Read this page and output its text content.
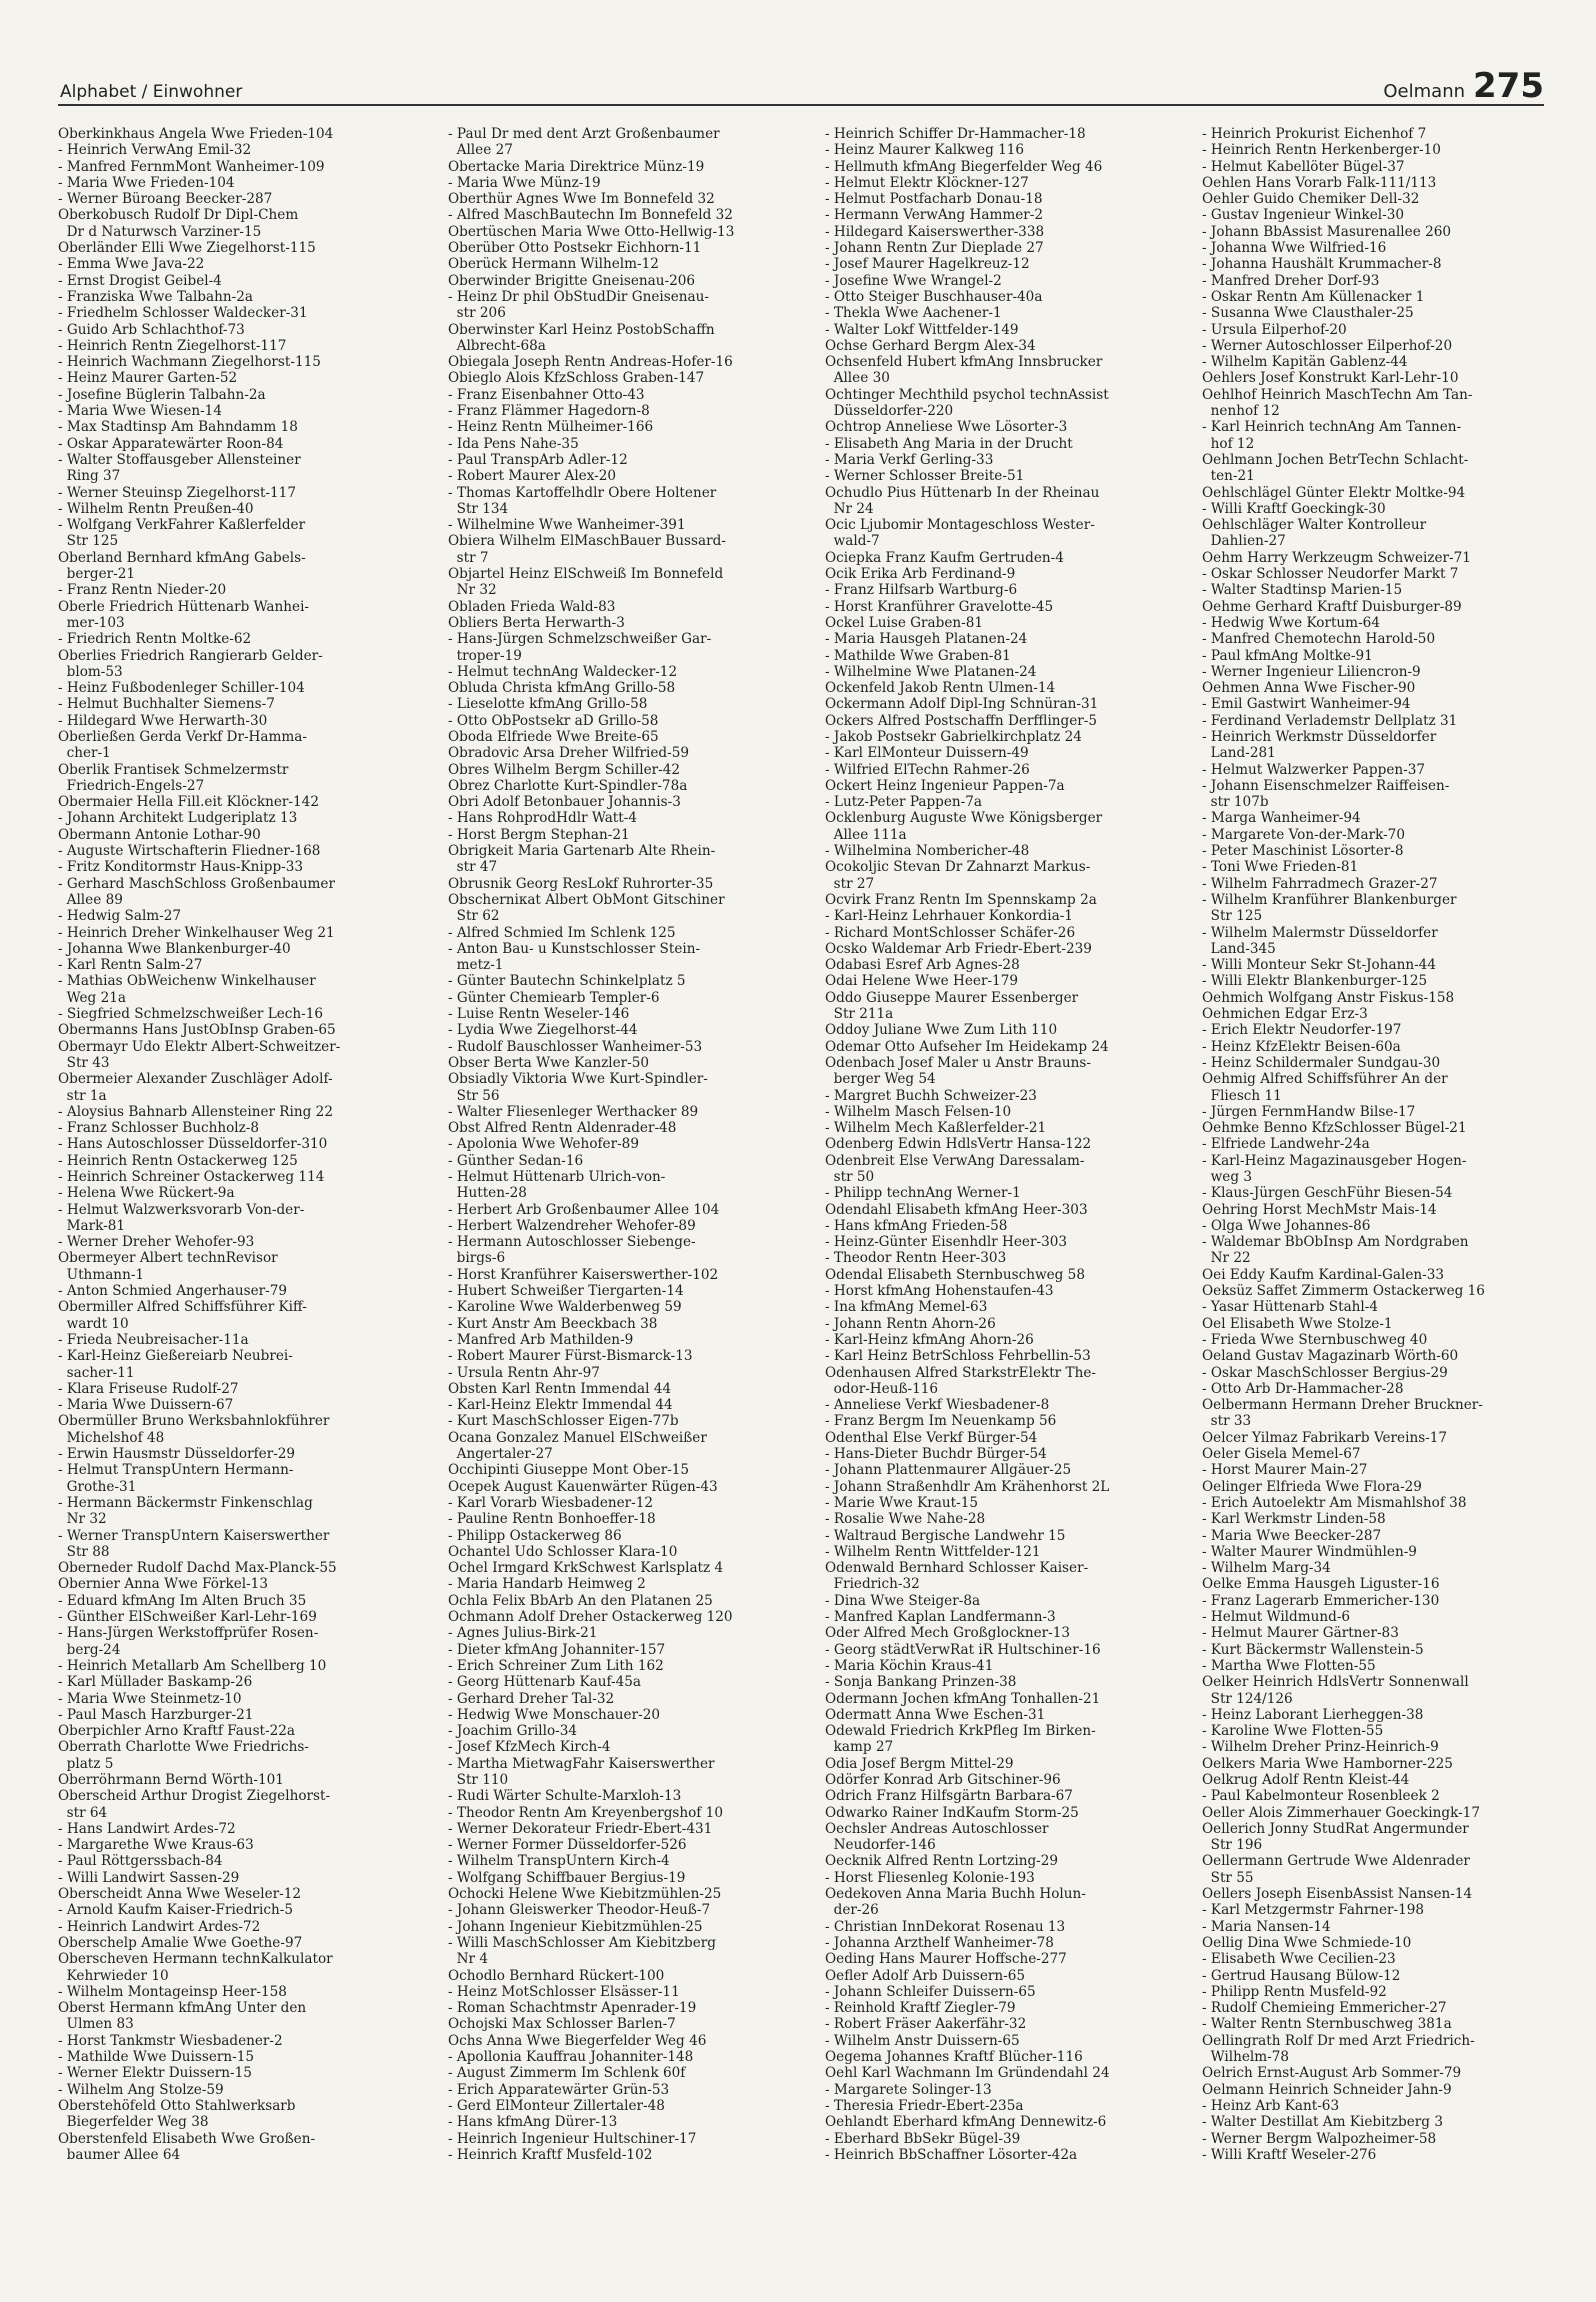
Alphabet / Einwohner	Oelmann 275
Oberkinkhaus Angela Wwe Frieden-104
- Heinrich VerwAng Emil-32
- Manfred FernmMont Wanheimer-109
- Maria Wwe Frieden-104
- Werner Büroang Beecker-287
Oberkobusch Rudolf Dr Dipl-Chem
Dr d Naturwsch Varziner-15
Oberländer Elli Wwe Ziegelhorst-115
- Emma Wwe Java-22
- Ernst Drogist Geibel-4
- Franziska Wwe Talbahn-2a
- Friedhelm Schlosser Waldecker-31
- Guido Arb Schlachthof-73
- Heinrich Rentn Ziegelhorst-117
- Heinrich Wachmann Ziegelhorst-115
- Heinz Maurer Garten-52
- Josefine Büglerin Talbahn-2a
- Maria Wwe Wiesen-14
- Max Stadtinsp Am Bahndamm 18
- Oskar Apparatewärter Roon-84
- Walter Stoffausgeber Allensteiner
Ring 37
- Werner Steuinsp Ziegelhorst-117
- Wilhelm Rentn Preußen-40
- Wolfgang VerkFahrer Kaßlerfelder
Str 125
Oberland Bernhard kfmAng Gabels-
berger-21
- Franz Rentn Nieder-20
Oberle Friedrich Hüttenarb Wanhei-
mer-103
- Friedrich Rentn Moltke-62
Oberlies Friedrich Rangierarb Gelder-
blom-53
- Heinz Fußbodenleger Schiller-104
- Helmut Buchhalter Siemens-7
- Hildegard Wwe Herwarth-30
Oberließen Gerda Verkf Dr-Hamma-
cher-1
Oberlik Frantisek Schmelzermstr
Friedrich-Engels-27
Obermaier Hella Fill.eit Klöckner-142
- Johann Architekt Ludgeriplatz 13
Obermann Antonie Lothar-90
- Auguste Wirtschafterin Fliedner-168
- Fritz Konditormstr Haus-Knipp-33
- Gerhard MaschSchloss Großenbaumer
Allee 89
- Hedwig Salm-27
- Heinrich Dreher Winkelhauser Weg 21
- Johanna Wwe Blankenburger-40
- Karl Rentn Salm-27
- Mathias ObWeichenw Winkelhauser
Weg 21a
- Siegfried Schmelzschweißer Lech-16
Obermanns Hans JustObInsp Graben-65
Obermayr Udo Elektr Albert-Schweitzer-
Str 43
Obermeier Alexander Zuschläger Adolf-
str 1a
- Aloysius Bahnarb Allensteiner Ring 22
- Franz Schlosser Buchholz-8
- Hans Autoschlosser Düsseldorfer-310
- Heinrich Rentn Ostackerweg 125
- Heinrich Schreiner Ostackerweg 114
- Helena Wwe Rückert-9a
- Helmut Walzwerksvorarb Von-der-
Mark-81
- Werner Dreher Wehofer-93
Obermeyer Albert technRevisor
Uthmann-1
- Anton Schmied Angerhauser-79
Obermiller Alfred Schiffsführer Kiff-
wardt 10
- Frieda Neubreisacher-11a
- Karl-Heinz Gießereiarb Neubrei-
sacher-11
- Klara Friseuse Rudolf-27
- Maria Wwe Duissern-67
Obermüller Bruno Werksbahnlokführer
Michelshof 48
- Erwin Hausmstr Düsseldorfer-29
- Helmut TranspUntern Hermann-
Grothe-31
- Hermann Bäckermstr Finkenschlag
Nr 32
- Werner TranspUntern Kaiserswerther
Str 88
Oberneder Rudolf Dachd Max-Planck-55
Obernier Anna Wwe Förkel-13
- Eduard kfmAng Im Alten Bruch 35
- Günther ElSchweißer Karl-Lehr-169
- Hans-Jürgen Werkstoffprüfer Rosen-
berg-24
- Heinrich Metallarb Am Schellberg 10
- Karl Müllader Baskamp-26
- Maria Wwe Steinmetz-10
- Paul Masch Harzburger-21
Oberpichler Arno Kraftf Faust-22a
Oberrath Charlotte Wwe Friedrichs-
platz 5
Oberröhrmann Bernd Wörth-101
Oberscheid Arthur Drogist Ziegelhorst-
str 64
- Hans Landwirt Ardes-72
- Margarethe Wwe Kraus-63
- Paul Röttgerssbach-84
- Willi Landwirt Sassen-29
Oberscheidt Anna Wwe Weseler-12
- Arnold Kaufm Kaiser-Friedrich-5
- Heinrich Landwirt Ardes-72
Oberschelp Amalie Wwe Goethe-97
Oberscheven Hermann technKalkulator
Kehrwieder 10
- Wilhelm Montageinsp Heer-158
Oberst Hermann kfmAng Unter den
Ulmen 83
- Horst Tankmstr Wiesbadener-2
- Mathilde Wwe Duissern-15
- Werner Elektr Duissern-15
- Wilhelm Ang Stolze-59
Oberstehöfeld Otto Stahlwerksarb
Biegerfelder Weg 38
Oberstenfeld Elisabeth Wwe Großen-
baumer Allee 64
- Paul Dr med dent Arzt Großenbaumer
Allee 27
Obertacke Maria Direktrice Münz-19
- Maria Wwe Münz-19
Oberthür Agnes Wwe Im Bonnefeld 32
- Alfred MaschBautechn Im Bonnefeld 32
Obertüschen Maria Wwe Otto-Hellwig-13
Oberüber Otto Postsekr Eichhorn-11
Oberück Hermann Wilhelm-12
Oberwinder Brigitte Gneisenau-206
- Heinz Dr phil ObStudDir Gneisenau-
str 206
Oberwinster Karl Heinz PostobSchaffn
Albrecht-68a
Obiegala Joseph Rentn Andreas-Hofer-16
Obieglo Alois KfzSchloss Graben-147
- Franz Eisenbahner Otto-43
- Franz Flämmer Hagedorn-8
- Heinz Rentn Mülheimer-166
- Ida Pens Nahe-35
- Paul TranspArb Adler-12
- Robert Maurer Alex-20
- Thomas Kartoffelhdlr Obere Holtener
Str 134
- Wilhelmine Wwe Wanheimer-391
Obiera Wilhelm ElMaschBauer Bussard-
str 7
Objartel Heinz ElSchweiß Im Bonnefeld
Nr 32
Obladen Frieda Wald-83
Obliers Berta Herwarth-3
- Hans-Jürgen Schmelzschweißer Gar-
troper-19
- Helmut technAng Waldecker-12
Obluda Christa kfmAng Grillo-58
- Lieselotte kfmAng Grillo-58
- Otto ObPostsekr aD Grillo-58
Oboda Elfriede Wwe Breite-65
Obradovic Arsa Dreher Wilfried-59
Obres Wilhelm Bergm Schiller-42
Obrez Charlotte Kurt-Spindler-78a
Obri Adolf Betonbauer Johannis-3
- Hans RohprodHdlr Watt-4
- Horst Bergm Stephan-21
Obrigkeit Maria Gartenarb Alte Rhein-
str 47
Obrusnik Georg ResLokf Ruhrorter-35
Obscherniкat Albert ObMont Gitschiner
Str 62
- Alfred Schmied Im Schlenk 125
- Anton Bau- u Kunstschlosser Stein-
metz-1
- Günter Bautechn Schinkelplatz 5
- Günter Chemiearb Templer-6
- Luise Rentn Weseler-146
- Lydia Wwe Ziegelhorst-44
- Rudolf Bauschlosser Wanheimer-53
Obser Berta Wwe Kanzler-50
Obsiadly Viktoria Wwe Kurt-Spindler-
Str 56
- Walter Fliesenleger Werthacker 89
Obst Alfred Rentn Aldenrader-48
- Apolonia Wwe Wehofer-89
- Günther Sedan-16
- Helmut Hüttenarb Ulrich-von-
Hutten-28
- Herbert Arb Großenbaumer Allee 104
- Herbert Walzendreher Wehofer-89
- Hermann Autoschlosser Siebenge-
birgs-6
- Horst Kranführer Kaiserswerther-102
- Hubert Schweißer Tiergarten-14
- Karoline Wwe Walderbenweg 59
- Kurt Anstr Am Beeckbach 38
- Manfred Arb Mathilden-9
- Robert Maurer Fürst-Bismarck-13
- Ursula Rentn Ahr-97
Obsten Karl Rentn Immendal 44
- Karl-Heinz Elektr Immendal 44
- Kurt MaschSchlosser Eigen-77b
Ocana Gonzalez Manuel ElSchweißer
Angertaler-27
Occhipinti Giuseppe Mont Ober-15
Ocepek August Kauenwärter Rügen-43
- Karl Vorarb Wiesbadener-12
- Pauline Rentn Bonhoeffer-18
- Philipp Ostackerweg 86
Ochantel Udo Schlosser Klara-10
Ochel Irmgard KrkSchwest Karlsplatz 4
- Maria Handarb Heimweg 2
Ochla Felix BbArb An den Platanen 25
Ochmann Adolf Dreher Ostackerweg 120
- Agnes Julius-Birk-21
- Dieter kfmAng Johanniter-157
- Erich Schreiner Zum Lith 162
- Georg Hüttenarb Kauf-45a
- Gerhard Dreher Tal-32
- Hedwig Wwe Monschauer-20
- Joachim Grillo-34
- Josef KfzMech Kirch-4
- Martha MietwagFahr Kaiserswerther
Str 110
- Rudi Wärter Schulte-Marxloh-13
- Theodor Rentn Am Kreyenbergshof 10
- Werner Dekorateur Friedr-Ebert-431
- Werner Former Düsseldorfer-526
- Wilhelm TranspUntern Kirch-4
- Wolfgang Schiffbauer Bergius-19
Ochocki Helene Wwe Kiebitzmühlen-25
- Johann Gleiswerker Theodor-Heuß-7
- Johann Ingenieur Kiebitzmühlen-25
- Willi MaschSchlosser Am Kiebitzberg
Nr 4
Ochodlo Bernhard Rückert-100
- Heinz MotSchlosser Elsässer-11
- Roman Schachtmstr Apenrader-19
Ochojski Max Schlosser Barlen-7
Ochs Anna Wwe Biegerfelder Weg 46
- Apollonia Kauffrau Johanniter-148
- August Zimmerm Im Schlenk 60f
- Erich Apparatewärter Grün-53
- Gerd ElMonteur Zillertaler-48
- Hans kfmAng Dürer-13
- Heinrich Ingenieur Hultschiner-17
- Heinrich Kraftf Musfeld-102
- Heinrich Schiffer Dr-Hammacher-18
- Heinz Maurer Kalkweg 116
- Hellmuth kfmAng Biegerfelder Weg 46
- Helmut Elektr Klöckner-127
- Helmut Postfacharb Donau-18
- Hermann VerwAng Hammer-2
- Hildegard Kaiserswerther-338
- Johann Rentn Zur Dieplade 27
- Josef Maurer Hagelkreuz-12
- Josefine Wwe Wrangel-2
- Otto Steiger Buschhauser-40a
- Thekla Wwe Aachener-1
- Walter Lokf Wittfelder-149
Ochse Gerhard Bergm Alex-34
Ochsenfeld Hubert kfmAng Innsbrucker
Allee 30
Ochtinger Mechthild psychol technAssist
Düsseldorfer-220
Ochtrop Anneliese Wwe Lösorter-3
- Elisabeth Ang Maria in der Drucht
- Maria Verkf Gerling-33
- Werner Schlosser Breite-51
Ochudlo Pius Hüttenarb In der Rheinau
Nr 24
Ocic Ljubomir Montageschloss Wester-
wald-7
Ociepka Franz Kaufm Gertruden-4
Ocik Erika Arb Ferdinand-9
- Franz Hilfsarb Wartburg-6
- Horst Kranführer Gravelotte-45
Ockel Luise Graben-81
- Maria Hausgeh Platanen-24
- Mathilde Wwe Graben-81
- Wilhelmine Wwe Platanen-24
Ockenfeld Jakob Rentn Ulmen-14
Ockermann Adolf Dipl-Ing Schnüran-31
Ockers Alfred Postschaffn Derfflinger-5
- Jakob Postsekr Gabrielkirchplatz 24
- Karl ElMonteur Duissern-49
- Wilfried ElTechn Rahmer-26
Ockert Heinz Ingenieur Pappen-7a
- Lutz-Peter Pappen-7a
Ocklenburg Auguste Wwe Königsberger
Allee 111a
- Wilhelmina Nombericher-48
Ocokoljic Stevan Dr Zahnarzt Markus-
str 27
Ocvirk Franz Rentn Im Spennskamp 2a
- Karl-Heinz Lehrhauer Konkordia-1
- Richard MontSchlosser Schäfer-26
Ocsko Waldemar Arb Friedr-Ebert-239
Odabasi Esref Arb Agnes-28
Odai Helene Wwe Heer-179
Oddo Giuseppe Maurer Essenberger
Str 211a
Oddoy Juliane Wwe Zum Lith 110
Odemar Otto Aufseher Im Heidekamp 24
Odenbach Josef Maler u Anstr Brauns-
berger Weg 54
- Margret Buchh Schweizer-23
- Wilhelm Masch Felsen-10
- Wilhelm Mech Kaßlerfelder-21
Odenberg Edwin HdlsVertr Hansa-122
Odenbreit Else VerwAng Daressalam-
str 50
- Philipp technAng Werner-1
Odendahl Elisabeth kfmAng Heer-303
- Hans kfmAng Frieden-58
- Heinz-Günter Eisenhdlr Heer-303
- Theodor Rentn Heer-303
Odendal Elisabeth Sternbuschweg 58
- Horst kfmAng Hohenstaufen-43
- Ina kfmAng Memel-63
- Johann Rentn Ahorn-26
- Karl-Heinz kfmAng Ahorn-26
- Karl Heinz BetrSchloss Fehrbellin-53
Odenhausen Alfred StarkstrElektr The-
odor-Heuß-116
- Anneliese Verkf Wiesbadener-8
- Franz Bergm Im Neuenkamp 56
Odenthal Else Verkf Bürger-54
- Hans-Dieter Buchdr Bürger-54
- Johann Plattenmaurer Allgäuer-25
- Johann Straßenhdlr Am Krähenhorst 2L
- Marie Wwe Kraut-15
- Rosalie Wwe Nahe-28
- Waltraud Bergische Landwehr 15
- Wilhelm Rentn Wittfelder-121
Odenwald Bernhard Schlosser Kaiser-
Friedrich-32
- Dina Wwe Steiger-8a
- Manfred Kaplan Landfermann-3
Oder Alfred Mech Großglockner-13
- Georg städtVerwRat iR Hultschiner-16
- Maria Köchin Kraus-41
- Sonja Bankang Prinzen-38
Odermann Jochen kfmAng Tonhallen-21
Odermatt Anna Wwe Eschen-31
Odewald Friedrich KrkPfleg Im Birken-
kamp 27
Odia Josef Bergm Mittel-29
Odörfer Konrad Arb Gitschiner-96
Odrich Franz Hilfsgärtn Barbara-67
Odwarko Rainer IndKaufm Storm-25
Oechsler Andreas Autoschlosser
Neudorfer-146
Oecknik Alfred Rentn Lortzing-29
- Horst Fliesenleg Kolonie-193
Oedekoven Anna Maria Buchh Holun-
der-26
- Christian InnDekorat Rosenau 13
- Johanna Arzthelf Wanheimer-78
Oeding Hans Maurer Hoffsche-277
Oefler Adolf Arb Duissern-65
- Johann Schleifer Duissern-65
- Reinhold Kraftf Ziegler-79
- Robert Fräser Aakerfähr-32
- Wilhelm Anstr Duissern-65
Oegema Johannes Kraftf Blücher-116
Oehl Karl Wachmann Im Gründendahl 24
- Margarete Solinger-13
- Theresia Friedr-Ebert-235a
Oehlandt Eberhard kfmAng Dennewitz-6
- Eberhard BbSekr Bügel-39
- Heinrich BbSchaffner Lösorter-42a
- Heinrich Prokurist Eichenhof 7
- Heinrich Rentn Herkenberger-10
- Helmut Kabellöter Bügel-37
Oehlen Hans Vorarb Falk-111/113
Oehler Guido Chemiker Dell-32
- Gustav Ingenieur Winkel-30
- Johann BbAssist Masurenallee 260
- Johanna Wwe Wilfried-16
- Johanna Haushält Krummacher-8
- Manfred Dreher Dorf-93
- Oskar Rentn Am Küllenacker 1
- Susanna Wwe Clausthaler-25
- Ursula Eilperhof-20
- Werner Autoschlosser Eilperhof-20
- Wilhelm Kapitän Gablenz-44
Oehlers Josef Konstrukt Karl-Lehr-10
Oehlhof Heinrich MaschTechn Am Tan-
nenhof 12
- Karl Heinrich technAng Am Tannen-
hof 12
Oehlmann Jochen BetrTechn Schlacht-
ten-21
Oehlschlägel Günter Elektr Moltke-94
- Willi Kraftf Goeckingk-30
Oehlschläger Walter Kontrolleur
Dahlien-27
Oehm Harry Werkzeugm Schweizer-71
- Oskar Schlosser Neudorfer Markt 7
- Walter Stadtinsp Marien-15
Oehme Gerhard Kraftf Duisburger-89
- Hedwig Wwe Kortum-64
- Manfred Chemotechn Harold-50
- Paul kfmAng Moltke-91
- Werner Ingenieur Liliencron-9
Oehmen Anna Wwe Fischer-90
- Emil Gastwirt Wanheimer-94
- Ferdinand Verlademstr Dellplatz 31
- Heinrich Werkmstr Düsseldorfer
Land-281
- Helmut Walzwerker Pappen-37
- Johann Eisenschmelzer Raiffeisen-
str 107b
- Marga Wanheimer-94
- Margarete Von-der-Mark-70
- Peter Maschinist Lösorter-8
- Toni Wwe Frieden-81
- Wilhelm Fahrradmech Grazer-27
- Wilhelm Kranführer Blankenburger
Str 125
- Wilhelm Malermstr Düsseldorfer
Land-345
- Willi Monteur Sekr St-Johann-44
- Willi Elektr Blankenburger-125
Oehmich Wolfgang Anstr Fiskus-158
Oehmichen Edgar Erz-3
- Erich Elektr Neudorfer-197
- Heinz KfzElektr Beisen-60a
- Heinz Schildermaler Sundgau-30
Oehmig Alfred Schiffsführer An der
Fliesch 11
- Jürgen FernmHandw Bilse-17
Oehmke Benno KfzSchlosser Bügel-21
- Elfriede Landwehr-24a
- Karl-Heinz Magazinausgeber Hogen-
weg 3
- Klaus-Jürgen GeschFühr Biesen-54
Oehring Horst MechMstr Mais-14
- Olga Wwe Johannes-86
- Waldemar BbObInsp Am Nordgraben
Nr 22
Oei Eddy Kaufm Kardinal-Galen-33
Oeksüz Saffet Zimmerm Ostackerweg 16
- Yasar Hüttenarb Stahl-4
Oel Elisabeth Wwe Stolze-1
- Frieda Wwe Sternbuschweg 40
Oeland Gustav Magazinarb Wörth-60
- Oskar MaschSchlosser Bergius-29
- Otto Arb Dr-Hammacher-28
Oelbermann Hermann Dreher Bruckner-
str 33
Oelcer Yilmaz Fabrikarb Vereins-17
Oeler Gisela Memel-67
- Horst Maurer Main-27
Oelinger Elfrieda Wwe Flora-29
- Erich Autoelektr Am Mismahlshof 38
- Karl Werkmstr Linden-58
- Maria Wwe Beecker-287
- Walter Maurer Windmühlen-9
- Wilhelm Marg-34
Oelke Emma Hausgeh Liguster-16
- Franz Lagerarb Emmericher-130
- Helmut Wildmund-6
- Helmut Maurer Gärtner-83
- Kurt Bäckermstr Wallenstein-5
- Martha Wwe Flotten-55
Oelker Heinrich HdlsVertr Sonnenwall
Str 124/126
- Heinz Laborant Lierheggen-38
- Karoline Wwe Flotten-55
- Wilhelm Dreher Prinz-Heinrich-9
Oelkers Maria Wwe Hamborner-225
Oelkrug Adolf Rentn Kleist-44
- Paul Kabelmonteur Rosenbleek 2
Oeller Alois Zimmerhauer Goeckingk-17
Oellerich Jonny StudRat Angermunder
Str 196
Oellermann Gertrude Wwe Aldenrader
Str 55
Oellers Joseph EisenbAssist Nansen-14
- Karl Metzgermstr Fahrner-198
- Maria Nansen-14
Oellig Dina Wwe Schmiede-10
- Elisabeth Wwe Cecilien-23
- Gertrud Hausang Bülow-12
- Philipp Rentn Musfeld-92
- Rudolf Chemieing Emmericher-27
- Walter Rentn Sternbuschweg 381a
Oellingrath Rolf Dr med Arzt Friedrich-
Wilhelm-78
Oelrich Ernst-August Arb Sommer-79
Oelmann Heinrich Schneider Jahn-9
- Heinz Arb Kant-63
- Walter Destillat Am Kiebitzberg 3
- Werner Bergm Walpozheimer-58
- Willi Kraftf Weseler-276
